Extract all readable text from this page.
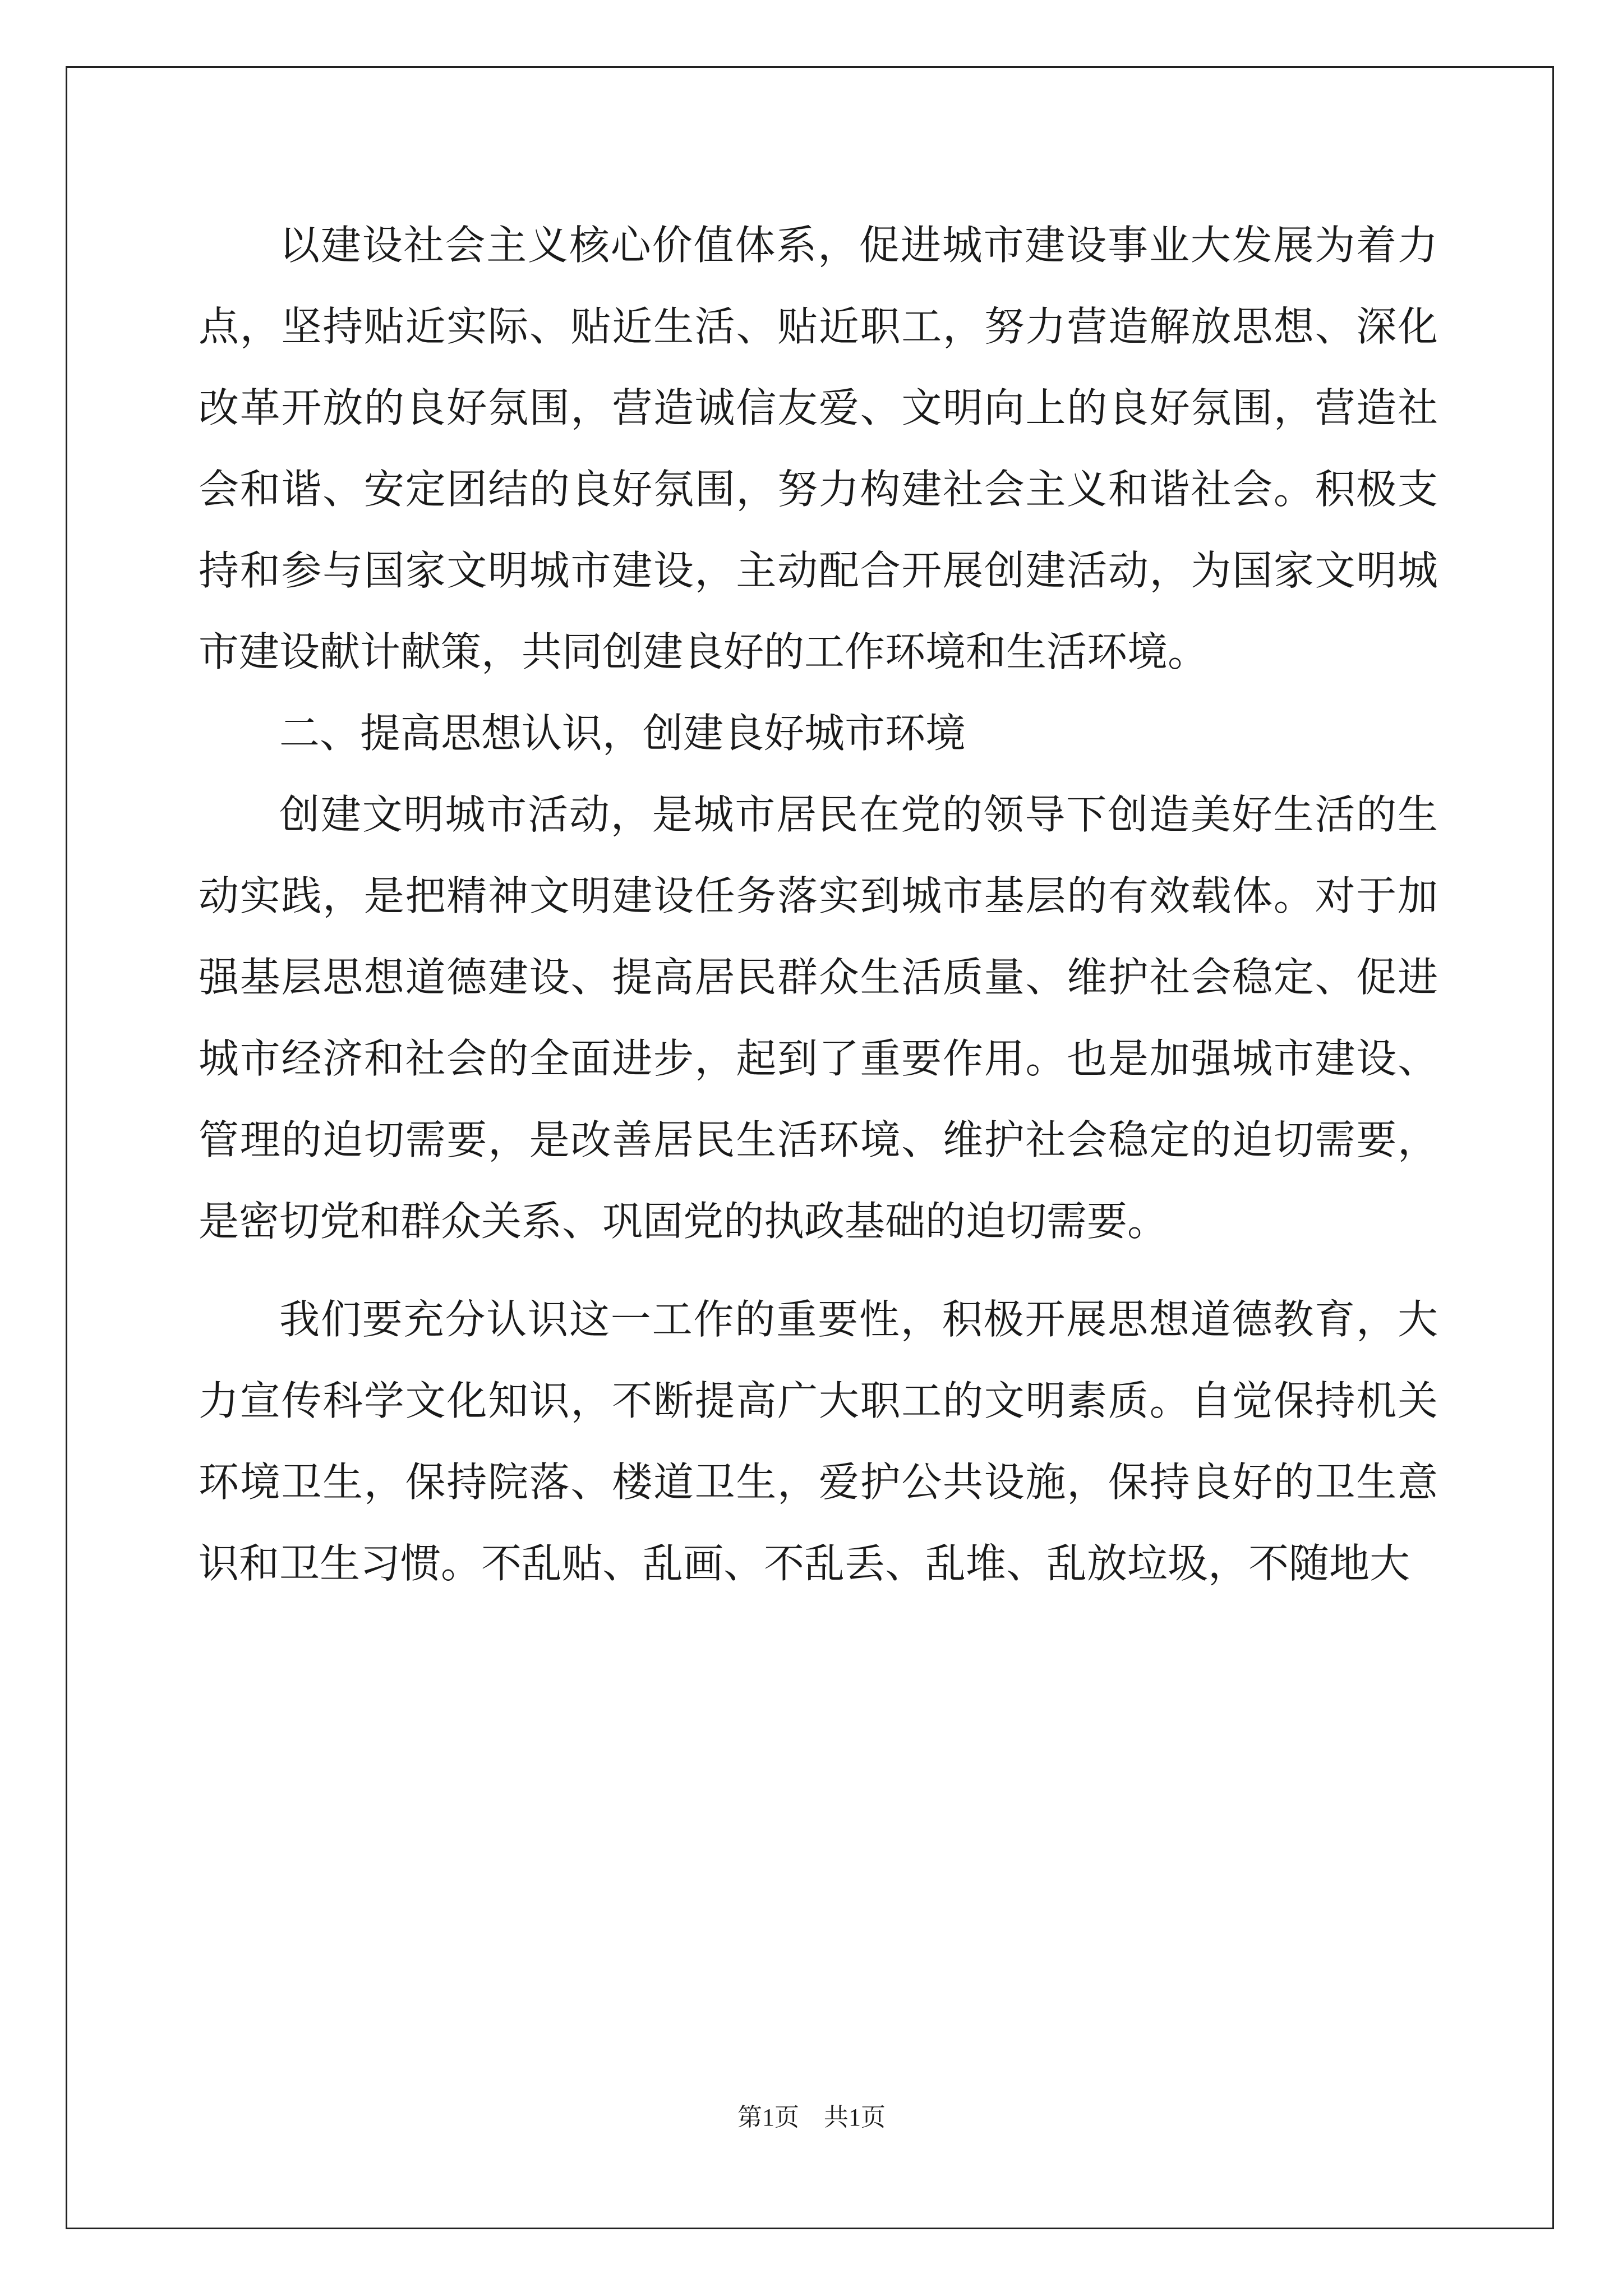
以建设社会主义核心价值体系，促进城市建设事业大发展为着力点，坚持贴近实际、贴近生活、贴近职工，努力营造解放思想、深化改革开放的良好氛围，营造诚信友爱、文明向上的良好氛围，营造社会和谐、安定团结的良好氛围，努力构建社会主义和谐社会。积极支持和参与国家文明城市建设，主动配合开展创建活动，为国家文明城市建设献计献策，共同创建良好的工作环境和生活环境。

二、提高思想认识，创建良好城市环境

创建文明城市活动，是城市居民在党的领导下创造美好生活的生动实践，是把精神文明建设任务落实到城市基层的有效载体。对于加强基层思想道德建设、提高居民群众生活质量、维护社会稳定、促进城市经济和社会的全面进步，起到了重要作用。也是加强城市建设、管理的迫切需要，是改善居民生活环境、维护社会稳定的迫切需要，是密切党和群众关系、巩固党的执政基础的迫切需要。

我们要充分认识这一工作的重要性，积极开展思想道德教育，大力宣传科学文化知识，不断提高广大职工的文明素质。自觉保持机关环境卫生，保持院落、楼道卫生，爱护公共设施，保持良好的卫生意识和卫生习惯。不乱贴、乱画、不乱丢、乱堆、乱放垃圾，不随地大

第1页　共1页
